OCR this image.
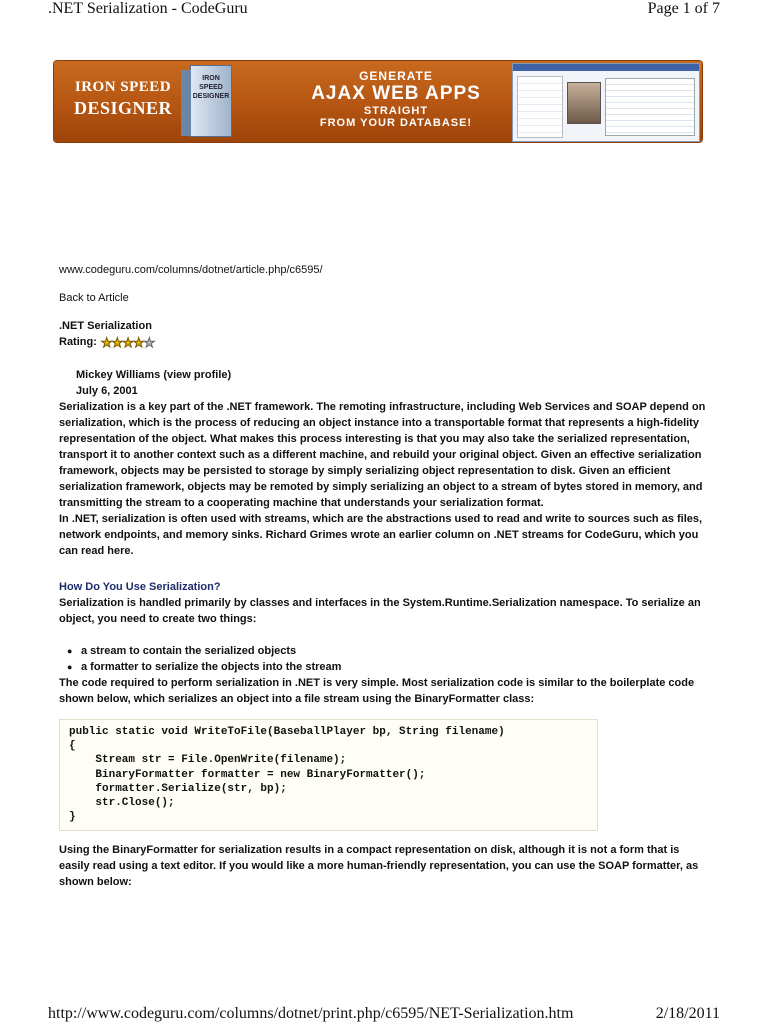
.NET Serialization - CodeGuru	Page 1 of 7
IRON SPEED
DESIGNER
IRON SPEED DESIGNER
GENERATE
AJAX WEB APPS
STRAIGHT
FROM YOUR DATABASE!
www.codeguru.com/columns/dotnet/article.php/c6595/
Back to Article
.NET Serialization
Rating: ★ ★ ★ ★ ★
Mickey Williams (view profile)
July 6, 2001

Serialization is a key part of the .NET framework. The remoting infrastructure, including Web Services and SOAP depend on serialization, which is the process of reducing an object instance into a transportable format that represents a high-fidelity representation of the object. What makes this process interesting is that you may also take the serialized representation, transport it to another context such as a different machine, and rebuild your original object. Given an effective serialization framework, objects may be persisted to storage by simply serializing object representation to disk. Given an efficient serialization framework, objects may be remoted by simply serializing an object to a stream of bytes stored in memory, and transmitting the stream to a cooperating machine that understands your serialization format.

In .NET, serialization is often used with streams, which are the abstractions used to read and write to sources such as files, network endpoints, and memory sinks. Richard Grimes wrote an earlier column on .NET streams for CodeGuru, which you can read here.

How Do You Use Serialization?

Serialization is handled primarily by classes and interfaces in the System.Runtime.Serialization namespace. To serialize an object, you need to create two things:

● a stream to contain the serialized objects
● a formatter to serialize the objects into the stream

The code required to perform serialization in .NET is very simple. Most serialization code is similar to the boilerplate code shown below, which serializes an object into a file stream using the BinaryFormatter class:

public static void WriteToFile(BaseballPlayer bp, String filename)
{
Stream str = File.OpenWrite(filename);
BinaryFormatter formatter = new BinaryFormatter();
formatter.Serialize(str, bp);
str.Close();
}

Using the BinaryFormatter for serialization results in a compact representation on disk, although it is not a form that is easily read using a text editor. If you would like a more human-friendly representation, you can use the SOAP formatter, as shown below:

http://www.codeguru.com/columns/dotnet/print.php/c6595/NET-Serialization.htm	2/18/2011
